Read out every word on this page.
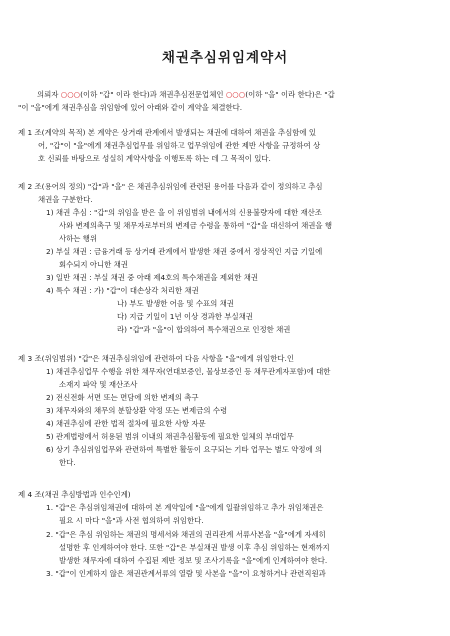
채권추심위임계약서
의뢰자 ○○○(이하 "갑" 이라 한다)과 채권추심전문업체인 ○○○(이하 "을" 이라 한다)은 "갑
"이 "을"에게 채권추심을 위임함에 있어 아래와 같이 계약을 체결한다.
제 1 조(계약의 목적) 본 계약은 상거래 관계에서 발생되는 채권에 대하여 채권을 추심함에 있
어, "갑"이 "을"에게 채권추심업무를 위임하고 업무위임에 관한 제반 사항을 규정하여 상
호 신뢰를 바탕으로 성실히 계약사항을 이행토록 하는 데 그 목적이 있다.
제 2 조(용어의 정의) "갑"과 "을" 은 채권추심위임에 관련된 용어를 다음과 같이 정의하고 추심
채권을 구분한다.
1) 채권 추심 : "갑"의 위임을 받은 을 이 위임범위 내에서의 신용불량자에 대한 재산조
사와 변제의촉구 및 채무자로부터의 변제금 수령을 통하여 "갑"을 대신하여 채권을 행
사하는 행위
2) 부실 채권 : 금융거래 등 상거래 관계에서 발생한 채권 중에서 정상적인 지급 기일에
회수되지 아니한 채권
3) 일반 채권 : 부실 채권 중 아래 제4호의 특수채권을 제외한 채권
4) 특수 채권 : 가) "갑"이 대손상각 처리한 채권
나) 부도 발생한 어음 및 수표의 채권
다) 지급 기일이 1년 이상 경과한 부실채권
라) "갑"과 "을"이 합의하여 특수채권으로 인정한 채권
제 3 조(위임범위) "갑"은 채권추심위임에 관련하여 다음 사항을 "을"에게 위임한다.인
1) 채권추심업무 수행을 위한 채무자(연대보증인, 물상보증인 등 채무관계자포함)에 대한
소재지 파악 및 재산조사
2) 전신전화 서면 또는 면담에 의한 변제의 촉구
3) 채무자와의 채무의 분할상환 약정 또는 변제금의 수령
4) 채권추심에 관한 법적 절차에 필요한 사항 자문
5) 관계법령에서 허용된 범위 이내의 채권추심활동에 필요한 일체의 부대업무
6) 상기 추심위임업무와 관련하여 특별한 활동이 요구되는 기타 업무는 별도 약정에 의
한다.
제 4 조(채권 추심방법과 인수인계)
1. "갑"은 추심위임채권에 대하여 본 계약일에 "을"에게 일괄위임하고 추가 위임채권은
필요 시 마다 "을"과 사전 협의하여 위임한다.
2. "갑"은 추심 위임하는 채권의 명세서와 채권의 권리관계 서류사본을 "을"에게 자세히
설명한 후 인계하여야 한다. 또한 "갑"은 부실채권 발생 이후 추심 위임하는 현재까지
발생한 채무자에 대하여 수집된 제반 정보 및 조사기록을 "을"에게 인계하여야 한다.
3. "갑"이 인계하지 않은 채권관계서류의 열람 및 사본을 "을"이 요청하거나 관련직원과
